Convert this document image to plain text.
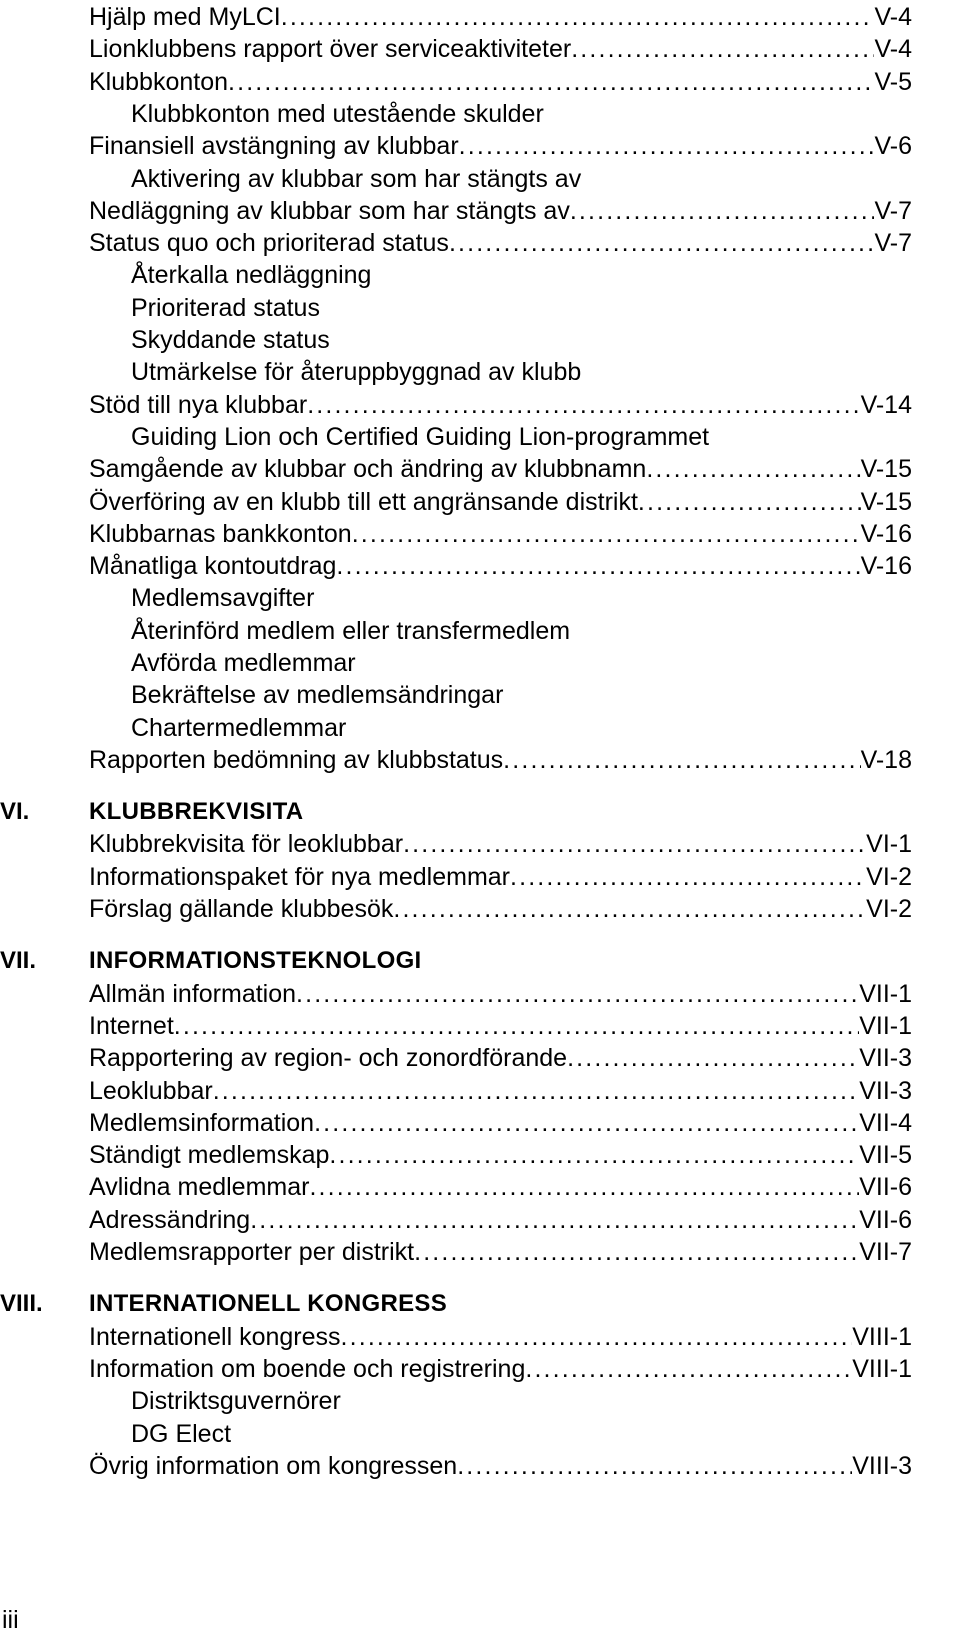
Hjälp med MyLCI . . .	V-4
Lionklubbens rapport över serviceaktiviteter . . .	V-4
Klubbkonton . . .	V-5
Klubbkonton med utestående skulder
Finansiell avstängning av klubbar . . .	V-6
Aktivering av klubbar som har stängts av
Nedläggning av klubbar som har stängts av . . .	V-7
Status quo och prioriterad status . . .	V-7
Återkalla nedläggning
Prioriterad status
Skyddande status
Utmärkelse för återuppbyggnad av klubb
Stöd till nya klubbar . . .	V-14
Guiding Lion och Certified Guiding Lion-programmet
Samgående av klubbar och ändring av klubbnamn . . .	V-15
Överföring av en klubb till ett angränsande distrikt . . .	V-15
Klubbarnas bankkonton . . .	V-16
Månatliga kontoutdrag . . .	V-16
Medlemsavgifter
Återinförd medlem eller transfermedlem
Avförda medlemmar
Bekräftelse av medlemsändringar
Chartermedlemmar
Rapporten bedömning av klubbstatus . . .	V-18
VI. KLUBBREKVISITA
Klubbrekvisita för leoklubbar . . .	VI-1
Informationspaket för nya medlemmar . . .	VI-2
Förslag gällande klubbesök . . .	VI-2
VII. INFORMATIONSTEKNOLOGI
Allmän information . . .	VII-1
Internet . . .	VII-1
Rapportering av region- och zonordförande . . .	VII-3
Leoklubbar . . .	VII-3
Medlemsinformation . . .	VII-4
Ständigt medlemskap . . .	VII-5
Avlidna medlemmar . . .	VII-6
Adressändring . . .	VII-6
Medlemsrapporter per distrikt . . .	VII-7
VIII. INTERNATIONELL KONGRESS
Internationell kongress . . .	VIII-1
Information om boende och registrering . . .	VIII-1
Distriktsguvernörer
DG Elect
Övrig information om kongressen . . .	VIII-3
iii
